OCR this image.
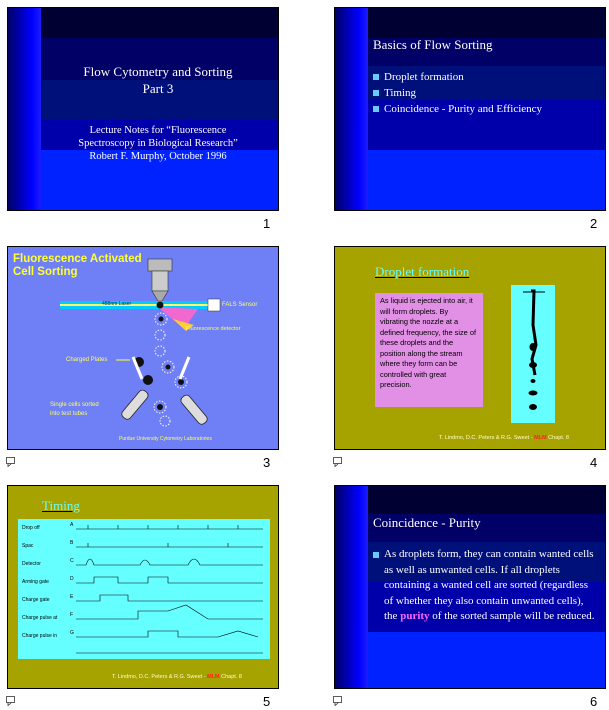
Flow Cytometry and Sorting
Part 3
Lecture Notes for “Fluorescence
Spectroscopy in Biological Research”
Robert F. Murphy, October 1996
1
Basics of Flow Sorting
Droplet formation
Timing
Coincidence - Purity and Efficiency
2
Fluorescence Activated
Cell Sorting
488nm Laser	FALS Sensor
Fluorescence detector
Charged Plates
Single cells sorted
into test tubes
Purdue University Cytometry Laboratories
3
Droplet formation
As liquid is ejected into air, it will form droplets. By vibrating the nozzle at a defined frequency, the size of these droplets and the position along the stream where they form can be controlled with great precision.
T. Lindmo, D.C. Peters & R.G. Sweet - MLM Chapt. 8
4
Timing
Drop off
Spac
Detector
Arming gate
Charge gate
Charge pulse at
Charge pulse in
A
B
C
D
E
F
G
T. Lindmo, D.C. Peters & R.G. Sweet - MLM Chapt. 8
5
Coincidence - Purity
As droplets form, they can contain wanted cells as well as unwanted cells. If all droplets containing a wanted cell are sorted (regardless of whether they also contain unwanted cells), the purity of the sorted sample will be reduced.
6
